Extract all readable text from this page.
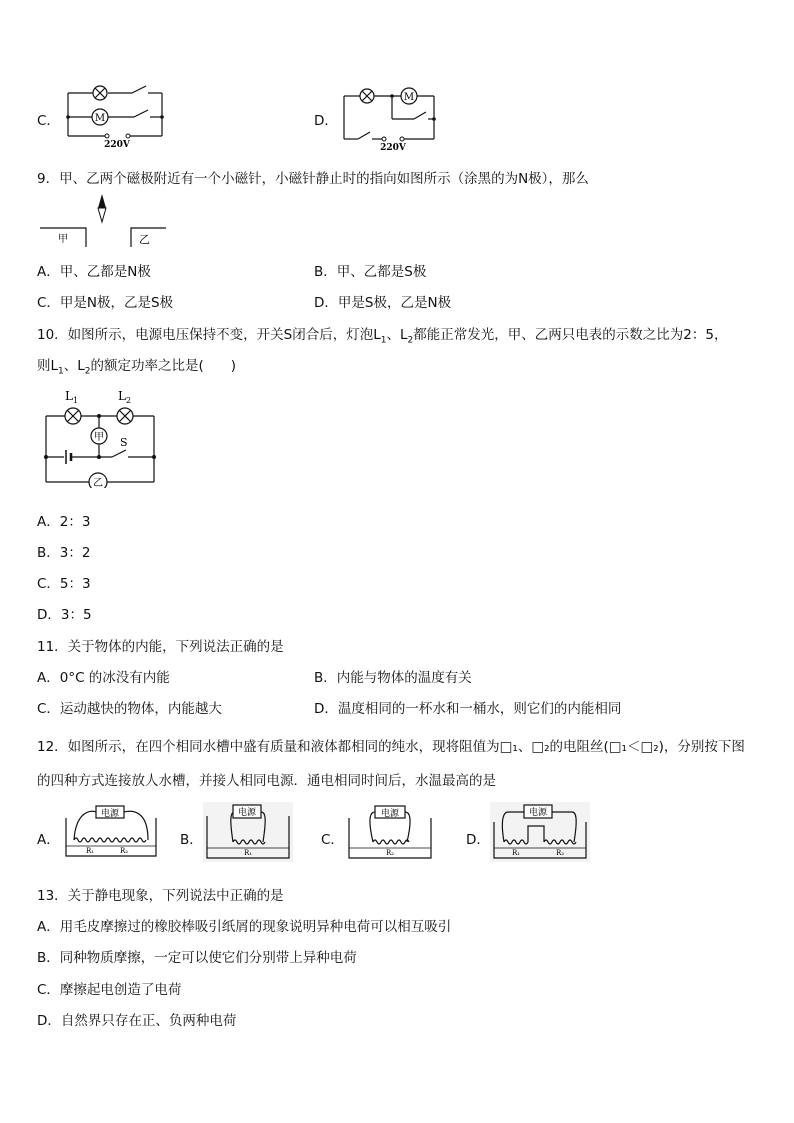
C．	M
220V
D．
M
220V
9．甲、乙两个磁极附近有一个小磁针，小磁针静止时的指向如图所示（涂黑的为N极），那么
甲	乙
A．甲、乙都是N极	B．甲、乙都是S极
C．甲是N极，乙是S极	D．甲是S极，乙是N极
10．如图所示，电源电压保持不变，开关S闭合后，灯泡$L_1$、$L_2$都能正常发光，甲、乙两只电表的示数之比为2：5，
则$L_1$、$L_2$的额定功率之比是(　　)
$L_1$	$L_2$
甲
乙
S
A．2：3
B．3：2
C．5：3
D．3：5
11．关于物体的内能，下列说法正确的是
A．0°C 的冰没有内能	B．内能与物体的温度有关
C．运动越快的物体，内能越大	D．温度相同的一杯水和一桶水，则它们的内能相同
12．如图所示，在四个相同水槽中盛有质量和液体都相同的纯水，现将阻值为□₁、□₂的电阻丝(□₁＜□₂)，分别按下图
的四种方式连接放人水槽，并接人相同电源．通电相同时间后，水温最高的是
A．
电源
R₁	R₂
B．
电源
R₁
C．
电源
R₂
D．
电源
R₁	R₂
13．关于静电现象，下列说法中正确的是
A．用毛皮摩擦过的橡胶棒吸引纸屑的现象说明异种电荷可以相互吸引
B．同种物质摩擦，一定可以使它们分别带上异种电荷
C．摩擦起电创造了电荷
D．自然界只存在正、负两种电荷
